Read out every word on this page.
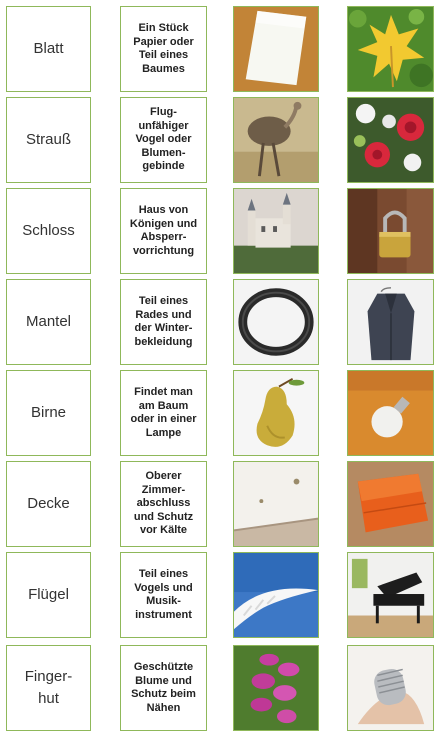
Blatt
Ein Stück
Papier oder
Teil eines
Baumes
Strauß
Flug-
unfähiger
Vogel oder
Blumen-
gebinde
Schloss
Haus von
Königen und
Absperr-
vorrichtung
Mantel
Teil eines
Rades und
der Winter-
bekleidung
Birne
Findet man
am Baum
oder in einer
Lampe
Decke
Oberer
Zimmer-
abschluss
und Schutz
vor Kälte
Flügel
Teil eines
Vogels und
Musik-
instrument
Finger-
hut
Geschützte
Blume und
Schutz beim
Nähen
